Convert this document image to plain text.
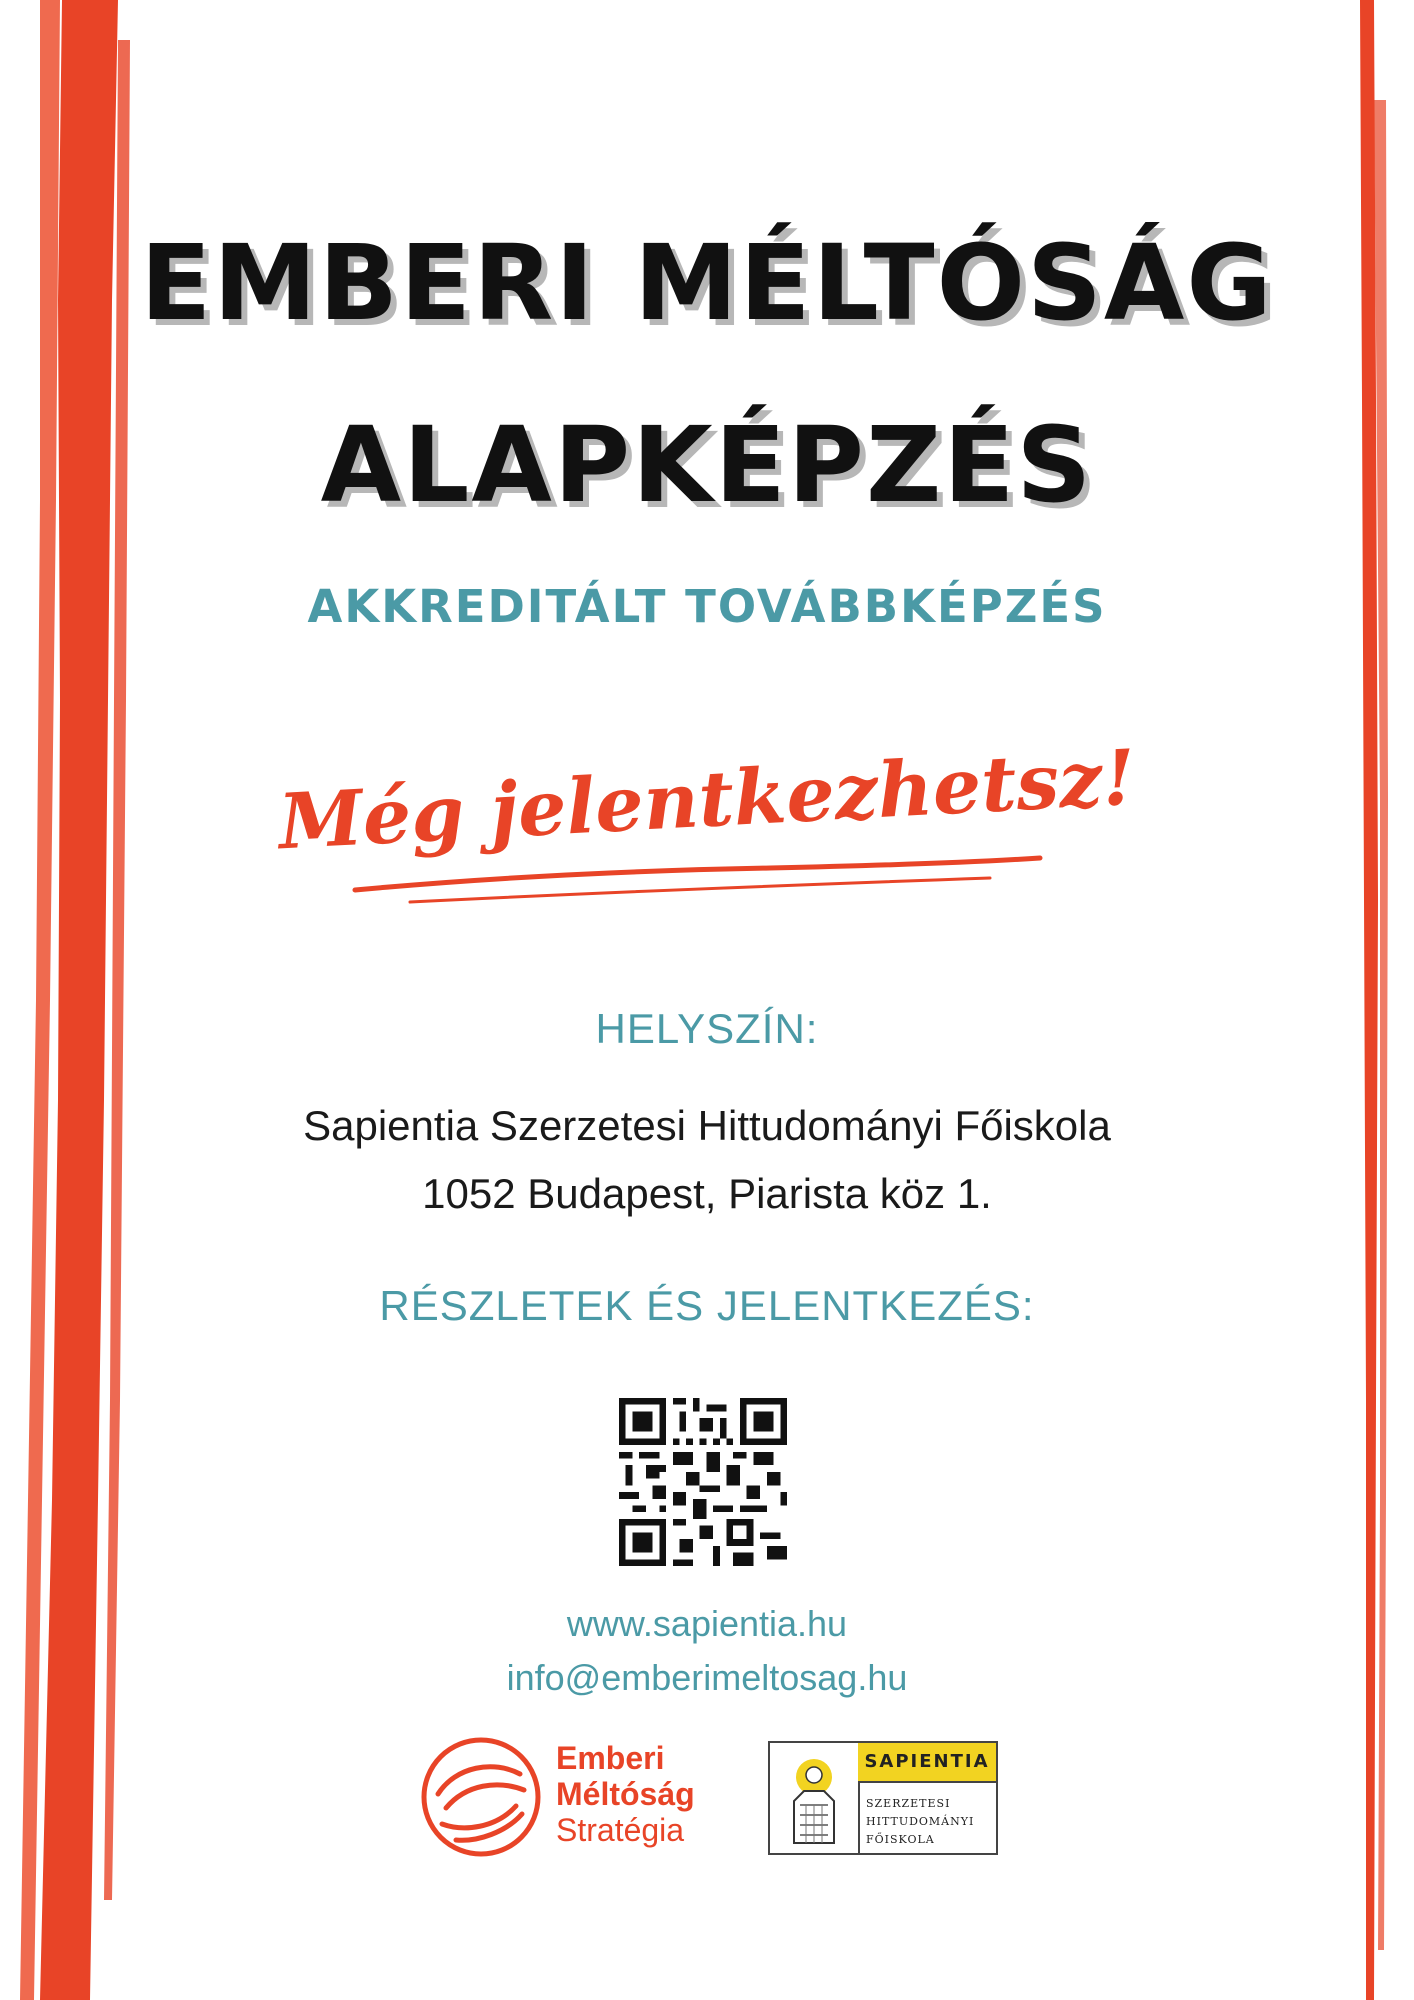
EMBERI MÉLTÓSÁG
ALAPKÉPZÉS
AKKREDITÁLT TOVÁBBKÉPZÉS
Még jelentkezhetsz!
HELYSZÍN:
Sapientia Szerzetesi Hittudományi Főiskola
1052 Budapest, Piarista köz 1.
RÉSZLETEK ÉS JELENTKEZÉS:
www.sapientia.hu
info@emberimeltosag.hu
Emberi
Méltóság
Stratégia
SAPIENTIA
SZERZETESI
HITTUDOMÁNYI
FŐISKOLA
